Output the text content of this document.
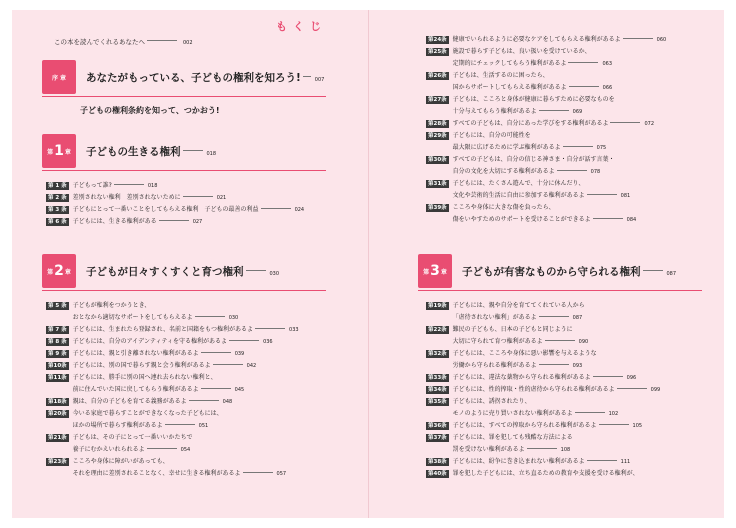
もくじ
この本を読んでくれるあなたへ	002
序 章 あなたがもっている、子どもの権利を知ろう!	007
子どもの権利条約を知って、つかおう!
第 1 章 子どもの生きる権利	018
第 1 条	子どもって誰?	018
第 2 条	差別されない権利　差別されないために	021
第 3 条	子どもにとって一番いことをしてもらえる権利　子どもの最善の利益	024
第 6 条	子どもには、生きる権利がある	027
第 2 章 子どもが日々すくすくと育つ権利	030
第 5 条	子どもが権利をつかうとき、
おとなから適切なサポートをしてもらえるよ	030
第 7 条	子どもには、生まれたら登録され、名前と国籍をもつ権利があるよ	033
第 8 条	子どもには、自分のアイデンティティを守る権利があるよ	036
第 9 条	子どもには、親と引き離されない権利があるよ	039
第10条	子どもには、別の国で暮らす親と会う権利があるよ	042
第11条	子どもには、勝手に別の国へ連れ去られない権利と、
前に住んでいた国に戻してもらう権利があるよ	045
第18条	親は、自分の子どもを育てる義務があるよ	048
第20条	今いる家庭で暮らすことができなくなった子どもには、
ほかの場所で暮らす権利があるよ	051
第21条	子どもは、その子にとって一番いいかたちで
養子にむかえいれられるよ	054
第23条	こころや身体に障がいがあっても、
それを理由に差別されることなく、幸せに生きる権利があるよ	057
第24条	健康でいられるように必要なケアをしてもらえる権利があるよ	060
第25条	施設で暮らす子どもは、良い扱いを受けているか、
定期的にチェックしてもらう権利があるよ	063
第26条	子どもは、生活するのに困ったら、
国からサポートしてもらえる権利があるよ	066
第27条	子どもは、こころと身体が健康に暮らすために必要なものを
十分与えてもらう権利があるよ	069
第28条	すべての子どもは、自分にあった学びをする権利があるよ	072
第29条	子どもには、自分の可能性を
最大限に広げるために学ぶ権利があるよ	075
第30条	すべての子どもは、自分の信じる神さま・自分が話す言葉・
自分の文化を大切にする権利があるよ	078
第31条	子どもには、たくさん遊んで、十分に休んだり、
文化や芸術的生活に自由に参加する権利があるよ	081
第39条	こころや身体に大きな傷を負ったら、
傷をいやすためのサポートを受けることができるよ	084
第 3 章 子どもが有害なものから守られる権利	087
第19条	子どもには、親や自分を育ててくれている人から
「虐待されない権利」があるよ	087
第22条	難民の子どもも、日本の子どもと同じように
大切に守られて育つ権利があるよ	090
第32条	子どもには、こころや身体に悪い影響を与えるような
労働から守られる権利があるよ	093
第33条	子どもには、違法な薬物から守られる権利があるよ	096
第34条	子どもには、性的搾取・性的虐待から守られる権利があるよ	099
第35条	子どもには、誘拐されたり、
モノのように売り買いされない権利があるよ	102
第36条	子どもには、すべての搾取から守られる権利があるよ	105
第37条	子どもには、罪を犯しても残酷な方法による
罰を受けない権利があるよ	108
第38条	子どもには、紛争に巻き込まれない権利があるよ	111
第40条	罪を犯した子どもには、立ち直るための教育や支援を受ける権利が、
